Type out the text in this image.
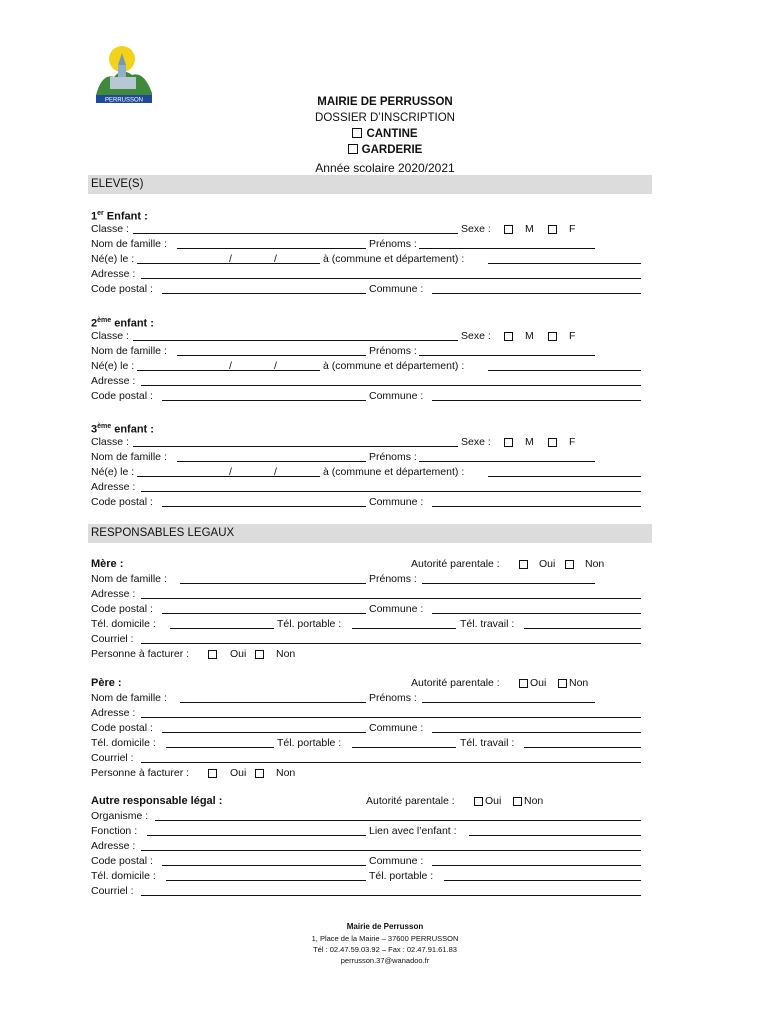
PERRUSSON	MAIRIE DE PERRUSSON
DOSSIER D’INSCRIPTION
CANTINE
GARDERIE
Année scolaire 2020/2021
ELEVE(S)
1er Enfant :
Classe :	Sexe :	M	F
Nom de famille :	Prénoms :
Né(e) le :	/	/	à (commune et département) :
Adresse :
Code postal :	Commune :
2ème enfant :
Classe :	Sexe :	M	F
Nom de famille :	Prénoms :
Né(e) le :	/	/	à (commune et département) :
Adresse :
Code postal :	Commune :
3ème enfant :
Classe :	Sexe :	M	F
Nom de famille :	Prénoms :
Né(e) le :	/	/	à (commune et département) :
Adresse :
Code postal :	Commune :
RESPONSABLES LEGAUX
Mère :	Autorité parentale :	Oui	Non
Nom de famille :	Prénoms :
Adresse :
Code postal :	Commune :
Tél. domicile :	Tél. portable :	Tél. travail :
Courriel :
Personne à facturer :	Oui	Non
Père :	Autorité parentale :	Oui Non
Nom de famille :	Prénoms :
Adresse :
Code postal :	Commune :
Tél. domicile :	Tél. portable :	Tél. travail :
Courriel :
Personne à facturer :	Oui	Non
Autre responsable légal :	Autorité parentale :	Oui Non
Organisme :
Fonction :	Lien avec l’enfant :
Adresse :
Code postal :	Commune :
Tél. domicile :	Tél. portable :
Courriel :
Mairie de Perrusson
1, Place de la Mairie – 37600 PERRUSSON
Tél : 02.47.59.03.92 – Fax : 02.47.91.61.83
perrusson.37@wanadoo.fr
